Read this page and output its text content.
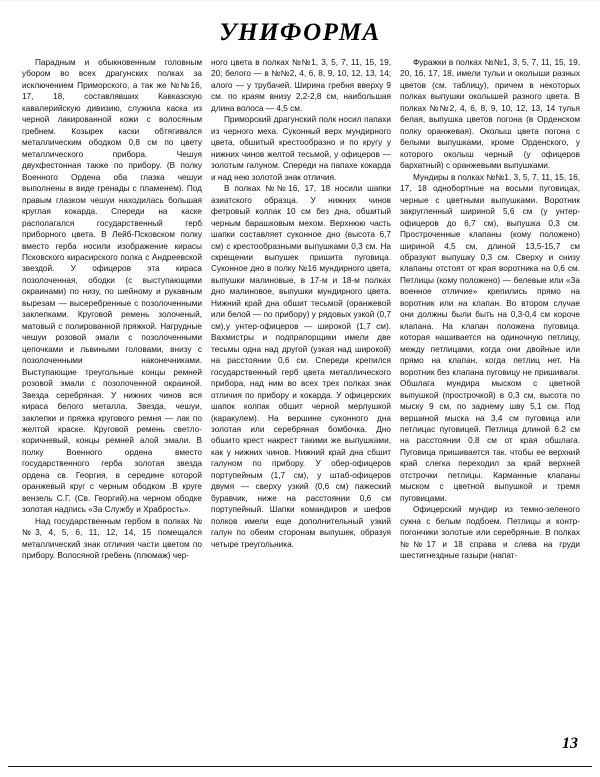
УНИФОРМА

Парадным и обыкновенным головным убором во всех драгунских полках за исключением Приморского, а так же №№16, 17, 18, составлявших Кавказскую кавалерийскую дивизию, служила каска из черной лакированной кожи с волосяным гребнем. Козырек каски обтягивался металлическим ободком 0,8 см по цвету металлического прибора. Чешуя двухфестонная также по прибору. (В полку Военного Ордена оба глазка чешуи выполнены в виде гренады с пламенем). Под правым глазком чешуи находилась большая круглая кокарда. Спереди на каске располагался государственный герб приборного цвета. В Лейб-Псковском полку вместо герба носили изображение кирасы Псковского кирасирского полка с Андреевской звездой. У офицеров эта кираса позолоченная, ободки (с выступающими окраинами) по низу, по шейному и рукавным вырезам — высеребренные с позолоченными заклепками. Круговой ремень золоченый, матовый с полированной пряжкой. Нагрудные чешуи розовой эмали с позолоченными цепочками и львиными головами, внизу с позолоченными наконечниками. Выступающие треугольные концы ремней розовой эмали с позолоченной окраиной. Звезда серебряная. У нижних чинов вся кираса белого металла. Звезда, чешуи, заклепки и пряжка кругового ремня — лак по желтой краске. Круговой ремень светло-коричневый, концы ремней алой эмали. В полку Военного ордена вместо государственного герба золотая звезда ордена св. Георгия, в середине которой оранжевый круг с черным ободком .В круге вензель С.Г. (Св. Георгий).на черном ободке золотая надпись «За Службу и Храбрость».

Над государственным гербом в полках №№3, 4, 5, 6, 11, 12, 14, 15 помещался металлический знак отличия части цветом по прибору. Волосяной гребень (плюмаж) чер-

ного цвета в полках №№1, 3, 5, 7, 11, 15, 19, 20; белого — в №№2, 4, 6, 8, 9, 10, 12, 13, 14; алого — у трубачей. Ширина гребня вверху 9 см. по краям внизу 2,2-2,8 см, наибольшая длина волоса — 4,5 см.

Приморский драгунский полк носил папахи из черного меха. Суконный верх мундирного цвета, обшитый крестообразно и по кругу у нижних чинов желтой тесьмой, у офицеров — золотым галуном. Спереди на папахе кокарда и над нею золотой знак отличия.

В полках №№16, 17, 18 носили шапки азиатского образца. У нижних чинов фетровый колпак 10 см без дна, обшитый черным барашковым мехом. Верхнюю часть шапки составляет суконное дно (высота 6,7 см) с крестообразными выпушками 0,3 см. На скрещении выпушек пришита пуговица. Суконное дно в полку №16 мундирного цвета, выпушки малиновые, в 17-м и 18-м полках дно малиновое, выпушки мундирного цвета. Нижний край дна обшит тесьмой (оранжевой или белой — по прибору) у рядовых узкой (0,7 см),у унтер-офицеров — широкой (1,7 см). Вахмистры и подпрапорщики имели две тесьмы одна над другой (узкая над широкой) на расстоянии 0,6 см. Спереди крепился государственный герб цвета металлического прибора, над ним во всех трех полках знак отличия по прибору и кокарда. У офицерских шапок колпак обшит черной мерлушкой (каракулем). На вершине суконного дна золотая или серебряная бомбочка. Дно обшито крест накрест такими же выпушками, как у нижних чинов. Нижний край дна сбшит галуном по прибору. У обер-офицеров портупейным (1,7 см), у штаб-офицеров двумя — сверху узкий (0,6 см) пажеский буравчик, ниже на расстоянии 0,6 см портупейный. Шапки командиров и шефов полков имели еще дополнительный узкий галун по обеим сторонам выпушек, образуя четыре треугольника.

Фуражки в полках №№1, 3, 5, 7, 11, 15, 19, 20, 16, 17, 18, имели тульи и околыши разных цветов (см. таблицу), причем в некоторых полках выпушки околышей разного цвета. В полках №№2, 4, 6, 8, 9, 10, 12, 13, 14 тулья белая, выпушка цветов погона (в Орденском полку оранжевая). Околыш цвета погона с белыми выпушками, кроме Орденского, у которого околыш черный (у офицеров бархатный) с оранжевыми выпушками.

Мундиры в полках №№1, 3, 5, 7, 11, 15, 16, 17, 18 однобортные на восьми пуговицах, черные с цветными выпушками. Воротник закругленный шириной 5,6 см (у унтер-офицеров до 6,7 см), выпушка 0,3 см. Простроченные клапаны (кому положено) шириной 4,5 см, длиной 13,5-15,7 см образуют выпушку 0,3 см. Сверху и снизу клапаны отстоят от края воротника на 0,6 см. Петлицы (кому положено) — белевые или «За военное отличие» крепились прямо на воротник или на клапан. Во втором случае они должны были быть на 0,3-0,4 см короче клапана. На клапан положена пуговица. которая нашивается на одиночную петлицу, между петлицами, когда они двойные или прямо на клапан, когда петлиц нет. На воротник без клапана пуговицу не пришивали. Обшлага мундира мыском с цветной выпушкой (прострочкой) в 0,3 см, высота по мыску 9 см, по заднему шву 5,1 см. Под вершиной мыска на 3,4 см пуговица или петлицас пуговицей. Петлица длиной 6.2 см на расстоянии 0,8 см от края обшлага. Пуговица пришивается так. чтобы ее верхний край слегка переходил за край верхней отстрочки петлицы. Карманные клапаны мыском с цветной выпушкой и тремя пуговицами.

Офицерский мундир из темно-зеленого сукна с белым подбоем. Петлицы и контр-погончики золотые или серебряные. В полках №№17 и 18 справа и слева на груди шестигнездные газыри (напат-

13
